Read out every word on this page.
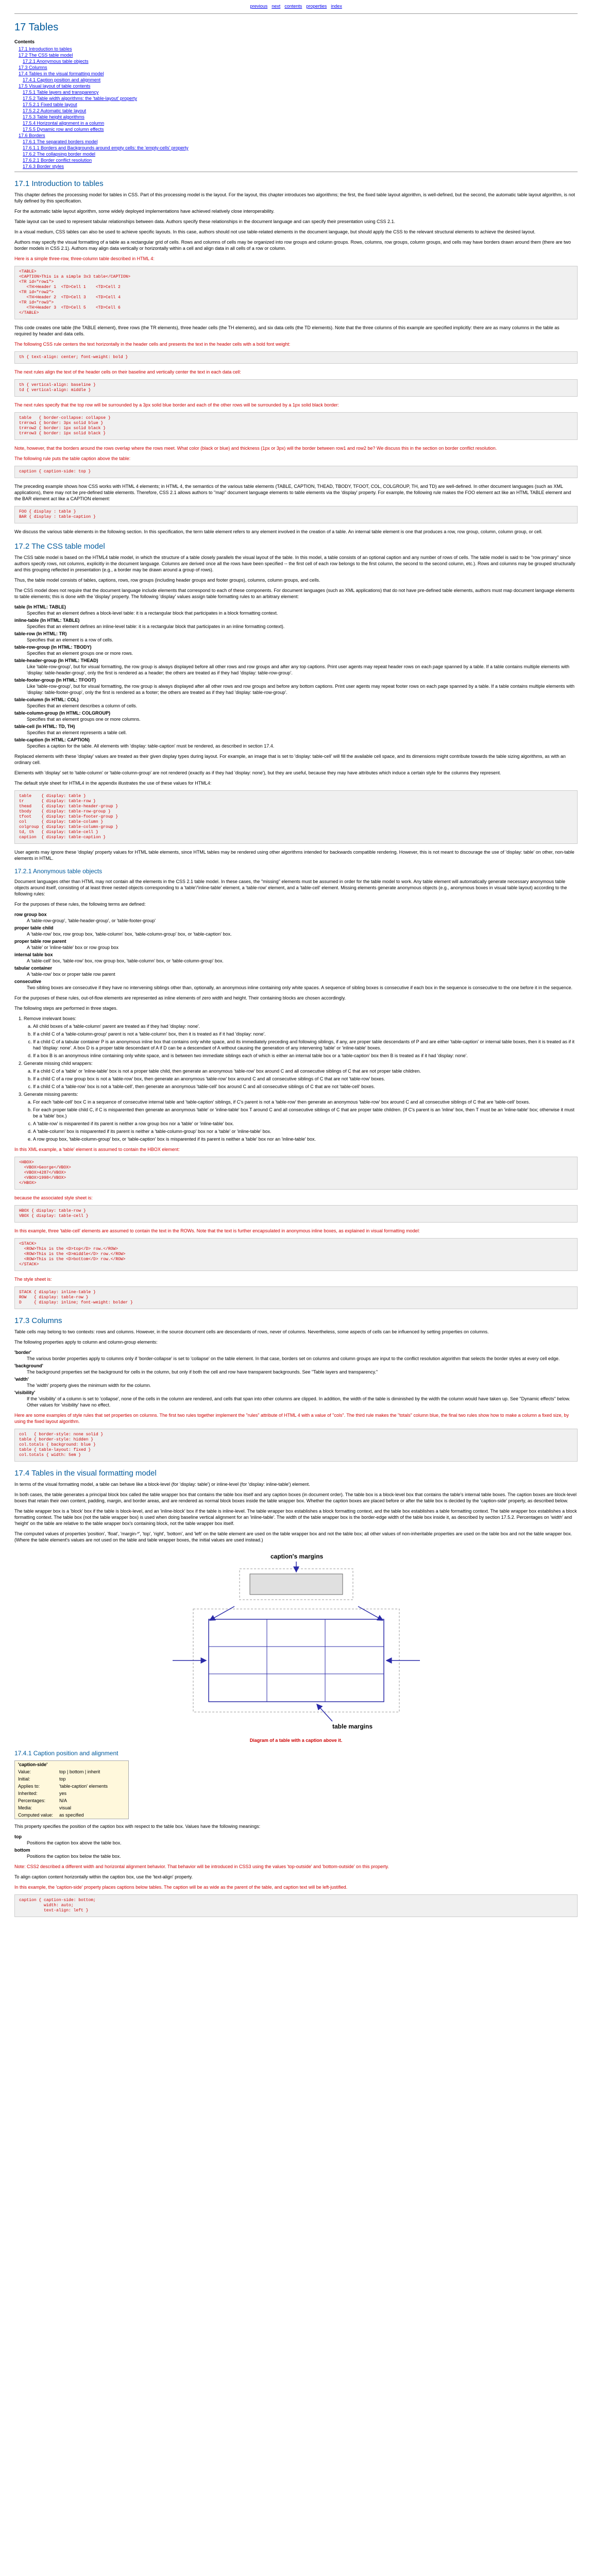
previous next contents properties index
17 Tables
Contents
17.1 Introduction to tables
17.2 The CSS table model
17.2.1 Anonymous table objects
17.3 Columns
17.4 Tables in the visual formatting model
17.4.1 Caption position and alignment
17.5 Visual layout of table contents
17.5.1 Table layers and transparency
17.5.2 Table width algorithms: the 'table-layout' property
17.5.2.1 Fixed table layout
17.5.2.2 Automatic table layout
17.5.3 Table height algorithms
17.5.4 Horizontal alignment in a column
17.5.5 Dynamic row and column effects
17.6 Borders
17.6.1 The separated borders model
17.6.1.1 Borders and Backgrounds around empty cells: the 'empty-cells' property
17.6.2 The collapsing border model
17.6.2.1 Border conflict resolution
17.6.3 Border styles
17.1 Introduction to tables

This chapter defines the processing model for tables in CSS. Part of this processing model is the layout. For the layout, this chapter introduces two algorithms; the first, the fixed table layout algorithm, is well-defined, but the second, the automatic table layout algorithm, is not fully defined by this specification.

For the automatic table layout algorithm, some widely deployed implementations have achieved relatively close interoperability.

Table layout can be used to represent tabular relationships between data. Authors specify these relationships in the document language and can specify their presentation using CSS 2.1.

In a visual medium, CSS tables can also be used to achieve specific layouts. In this case, authors should not use table-related elements in the document language, but should apply the CSS to the relevant structural elements to achieve the desired layout.

Authors may specify the visual formatting of a table as a rectangular grid of cells. Rows and columns of cells may be organized into row groups and column groups. Rows, columns, row groups, column groups, and cells may have borders drawn around them (there are two border models in CSS 2.1). Authors may align data vertically or horizontally within a cell and align data in all cells of a row or column.

Here is a simple three-row, three-column table described in HTML 4:

<TABLE>
<CAPTION>This is a simple 3x3 table</CAPTION>
<TR id="row1">
<TH>Header 1  <TD>Cell 1    <TD>Cell 2
<TR id="row2">
<TH>Header 2  <TD>Cell 3    <TD>Cell 4
<TR id="row3">
<TH>Header 3  <TD>Cell 5    <TD>Cell 6
</TABLE>

This code creates one table (the TABLE element), three rows (the TR elements), three header cells (the TH elements), and six data cells (the TD elements). Note that the three columns of this example are specified implicitly: there are as many columns in the table as required by header and data cells.

The following CSS rule centers the text horizontally in the header cells and presents the text in the header cells with a bold font weight:

th { text-align: center; font-weight: bold }

The next rules align the text of the header cells on their baseline and vertically center the text in each data cell:

th { vertical-align: baseline }
td { vertical-align: middle }

The next rules specify that the top row will be surrounded by a 3px solid blue border and each of the other rows will be surrounded by a 1px solid black border:

table   { border-collapse: collapse }
tr#row1 { border: 3px solid blue }
tr#row2 { border: 1px solid black }
tr#row3 { border: 1px solid black }

Note, however, that the borders around the rows overlap where the rows meet. What color (black or blue) and thickness (1px or 3px) will the border between row1 and row2 be? We discuss this in the section on border conflict resolution.

The following rule puts the table caption above the table:

caption { caption-side: top }

The preceding example shows how CSS works with HTML 4 elements; in HTML 4, the semantics of the various table elements (TABLE, CAPTION, THEAD, TBODY, TFOOT, COL, COLGROUP, TH, and TD) are well-defined. In other document languages (such as XML applications), there may not be pre-defined table elements. Therefore, CSS 2.1 allows authors to "map" document language elements to table elements via the 'display' property. For example, the following rule makes the FOO element act like an HTML TABLE element and the BAR element act like a CAPTION element:

FOO { display : table }
BAR { display : table-caption }

We discuss the various table elements in the following section. In this specification, the term table element refers to any element involved in the creation of a table. An internal table element is one that produces a row, row group, column, column group, or cell.

17.2 The CSS table model

The CSS table model is based on the HTML4 table model, in which the structure of a table closely parallels the visual layout of the table. In this model, a table consists of an optional caption and any number of rows of cells. The table model is said to be "row primary" since authors specify rows, not columns, explicitly in the document language. Columns are derived once all the rows have been specified -- the first cell of each row belongs to the first column, the second to the second column, etc.). Rows and columns may be grouped structurally and this grouping reflected in presentation (e.g., a border may be drawn around a group of rows).

Thus, the table model consists of tables, captions, rows, row groups (including header groups and footer groups), columns, column groups, and cells.

The CSS model does not require that the document language include elements that correspond to each of these components. For document languages (such as XML applications) that do not have pre-defined table elements, authors must map document language elements to table elements; this is done with the 'display' property. The following 'display' values assign table formatting rules to an arbitrary element:

table (In HTML: TABLE)
Specifies that an element defines a block-level table: it is a rectangular block that participates in a block formatting context.
inline-table (In HTML: TABLE)
Specifies that an element defines an inline-level table: it is a rectangular block that participates in an inline formatting context).
table-row (In HTML: TR)
Specifies that an element is a row of cells.
table-row-group (In HTML: TBODY)
Specifies that an element groups one or more rows.
table-header-group (In HTML: THEAD)
Like 'table-row-group', but for visual formatting, the row group is always displayed before all other rows and row groups and after any top captions. Print user agents may repeat header rows on each page spanned by a table. If a table contains multiple elements with 'display: table-header-group', only the first is rendered as a header; the others are treated as if they had 'display: table-row-group'.
table-footer-group (In HTML: TFOOT)
Like 'table-row-group', but for visual formatting, the row group is always displayed after all other rows and row groups and before any bottom captions. Print user agents may repeat footer rows on each page spanned by a table. If a table contains multiple elements with 'display: table-footer-group', only the first is rendered as a footer; the others are treated as if they had 'display: table-row-group'.
table-column (In HTML: COL)
Specifies that an element describes a column of cells.
table-column-group (In HTML: COLGROUP)
Specifies that an element groups one or more columns.
table-cell (In HTML: TD, TH)
Specifies that an element represents a table cell.
table-caption (In HTML: CAPTION)
Specifies a caption for the table. All elements with 'display: table-caption' must be rendered, as described in section 17.4.

Replaced elements with these 'display' values are treated as their given display types during layout. For example, an image that is set to 'display: table-cell' will fill the available cell space, and its dimensions might contribute towards the table sizing algorithms, as with an ordinary cell.

Elements with 'display' set to 'table-column' or 'table-column-group' are not rendered (exactly as if they had 'display: none'), but they are useful, because they may have attributes which induce a certain style for the columns they represent.

The default style sheet for HTML4 in the appendix illustrates the use of these values for HTML4:

table    { display: table }
tr       { display: table-row }
thead    { display: table-header-group }
tbody    { display: table-row-group }
tfoot    { display: table-footer-group }
col      { display: table-column }
colgroup { display: table-column-group }
td, th   { display: table-cell }
caption  { display: table-caption }

User agents may ignore these 'display' property values for HTML table elements, since HTML tables may be rendered using other algorithms intended for backwards compatible rendering. However, this is not meant to discourage the use of 'display: table' on other, non-table elements in HTML.

17.2.1 Anonymous table objects

Document languages other than HTML may not contain all the elements in the CSS 2.1 table model. In these cases, the "missing" elements must be assumed in order for the table model to work. Any table element will automatically generate necessary anonymous table objects around itself, consisting of at least three nested objects corresponding to a 'table'/'inline-table' element, a 'table-row' element, and a 'table-cell' element. Missing elements generate anonymous objects (e.g., anonymous boxes in visual table layout) according to the following rules:

For the purposes of these rules, the following terms are defined:

row group box
A 'table-row-group', 'table-header-group', or 'table-footer-group'
proper table child
A 'table-row' box, row group box, 'table-column' box, 'table-column-group' box, or 'table-caption' box.
proper table row parent
A 'table' or 'inline-table' box or row group box
internal table box
A 'table-cell' box, 'table-row' box, row group box, 'table-column' box, or 'table-column-group' box.
tabular container
A 'table-row' box or proper table row parent
consecutive
Two sibling boxes are consecutive if they have no intervening siblings other than, optionally, an anonymous inline containing only white spaces. A sequence of sibling boxes is consecutive if each box in the sequence is consecutive to the one before it in the sequence.

For the purposes of these rules, out-of-flow elements are represented as inline elements of zero width and height. Their containing blocks are chosen accordingly.

The following steps are performed in three stages.

1. Remove irrelevant boxes:
a. All child boxes of a 'table-column' parent are treated as if they had 'display: none'.
b. If a child C of a 'table-column-group' parent is not a 'table-column' box, then it is treated as if it had 'display: none'.
c. If a child C of a tabular container P is an anonymous inline box that contains only white space, and its immediately preceding and following siblings, if any, are proper table descendants of P and are either 'table-caption' or internal table boxes, then it is treated as if it had 'display: none'. A box D is a proper table descendant of A if D can be a descendant of A without causing the generation of any intervening 'table' or 'inline-table' boxes.
d. If a box B is an anonymous inline containing only white space, and is between two immediate siblings each of which is either an internal table box or a 'table-caption' box then B is treated as if it had 'display: none'.
2. Generate missing child wrappers:
a. If a child C of a 'table' or 'inline-table' box is not a proper table child, then generate an anonymous 'table-row' box around C and all consecutive siblings of C that are not proper table children.
b. If a child C of a row group box is not a 'table-row' box, then generate an anonymous 'table-row' box around C and all consecutive siblings of C that are not 'table-row' boxes.
c. If a child C of a 'table-row' box is not a 'table-cell', then generate an anonymous 'table-cell' box around C and all consecutive siblings of C that are not 'table-cell' boxes.
3. Generate missing parents:
a. For each 'table-cell' box C in a sequence of consecutive internal table and 'table-caption' siblings, if C's parent is not a 'table-row' then generate an anonymous 'table-row' box around C and all consecutive siblings of C that are 'table-cell' boxes.
b. For each proper table child C, if C is misparented then generate an anonymous 'table' or 'inline-table' box T around C and all consecutive siblings of C that are proper table children. (If C's parent is an 'inline' box, then T must be an 'inline-table' box; otherwise it must be a 'table' box.)
c. A 'table-row' is misparented if its parent is neither a row group box nor a 'table' or 'inline-table' box.
d. A 'table-column' box is misparented if its parent is neither a 'table-column-group' box nor a 'table' or 'inline-table' box.
e. A row group box, 'table-column-group' box, or 'table-caption' box is misparented if its parent is neither a 'table' box nor an 'inline-table' box.

In this XML example, a 'table' element is assumed to contain the HBOX element:

<HBOX>
<VBOX>George</VBOX>
<VBOX>4287</VBOX>
<VBOX>1998</VBOX>
</HBOX>

because the associated style sheet is:

HBOX { display: table-row }
VBOX { display: table-cell }

In this example, three 'table-cell' elements are assumed to contain the text in the ROWs. Note that the text is further encapsulated in anonymous inline boxes, as explained in visual formatting model:

<STACK>
<ROW>This is the <D>top</D> row.</ROW>
<ROW>This is the <D>middle</D> row.</ROW>
<ROW>This is the <D>bottom</D> row.</ROW>
</STACK>

The style sheet is:

STACK { display: inline-table }
ROW   { display: table-row }
D     { display: inline; font-weight: bolder }
17.3 Columns

Table cells may belong to two contexts: rows and columns. However, in the source document cells are descendants of rows, never of columns. Nevertheless, some aspects of cells can be influenced by setting properties on columns.

The following properties apply to column and column-group elements:

'border'
The various border properties apply to columns only if 'border-collapse' is set to 'collapse' on the table element. In that case, borders set on columns and column groups are input to the conflict resolution algorithm that selects the border styles at every cell edge.
'background'
The background properties set the background for cells in the column, but only if both the cell and row have transparent backgrounds. See "Table layers and transparency."
'width'
The 'width' property gives the minimum width for the column.
'visibility'
If the 'visibility' of a column is set to 'collapse', none of the cells in the column are rendered, and cells that span into other columns are clipped. In addition, the width of the table is diminished by the width the column would have taken up. See "Dynamic effects" below. Other values for 'visibility' have no effect.

Here are some examples of style rules that set properties on columns. The first two rules together implement the "rules" attribute of HTML 4 with a value of "cols". The third rule makes the "totals" column blue, the final two rules show how to make a column a fixed size, by using the fixed layout algorithm.

col   { border-style: none solid }
table { border-style: hidden }
col.totals { background: blue }
table { table-layout: fixed }
col.totals { width: 5em }
17.4 Tables in the visual formatting model

In terms of the visual formatting model, a table can behave like a block-level (for 'display: table') or inline-level (for 'display: inline-table') element.

In both cases, the table generates a principal block box called the table wrapper box that contains the table box itself and any caption boxes (in document order). The table box is a block-level box that contains the table's internal table boxes. The caption boxes are block-level boxes that retain their own content, padding, margin, and border areas, and are rendered as normal block boxes inside the table wrapper box. Whether the caption boxes are placed before or after the table box is decided by the 'caption-side' property, as described below.

The table wrapper box is a 'block' box if the table is block-level, and an 'inline-block' box if the table is inline-level. The table wrapper box establishes a block formatting context, and the table box establishes a table formatting context. The table wrapper box establishes a block formatting context. The table box (not the table wrapper box) is used when doing baseline vertical alignment for an 'inline-table'. The width of the table wrapper box is the border-edge width of the table box inside it, as described by section 17.5.2. Percentages on 'width' and 'height' on the table are relative to the table wrapper box's containing block, not the table wrapper box itself.

The computed values of properties 'position', 'float', 'margin-*', 'top', 'right', 'bottom', and 'left' on the table element are used on the table wrapper box and not the table box; all other values of non-inheritable properties are used on the table box and not the table wrapper box. (Where the table element's values are not used on the table and table wrapper boxes, the initial values are used instead.)

caption's margins
table margins
Diagram of a table with a caption above it.
17.4.1 Caption position and alignment
'caption-side'	
Value:	top | bottom | inherit
Initial:	top
Applies to:	'table-caption' elements
Inherited:	yes
Percentages:	N/A
Media:	visual
Computed value:	as specified

This property specifies the position of the caption box with respect to the table box. Values have the following meanings:

top
Positions the caption box above the table box.
bottom
Positions the caption box below the table box.

Note: CSS2 described a different width and horizontal alignment behavior. That behavior will be introduced in CSS3 using the values 'top-outside' and 'bottom-outside' on this property.

To align caption content horizontally within the caption box, use the 'text-align' property.

In this example, the 'caption-side' property places captions below tables. The caption will be as wide as the parent of the table, and caption text will be left-justified.

caption { caption-side: bottom;
width: auto;
text-align: left }
